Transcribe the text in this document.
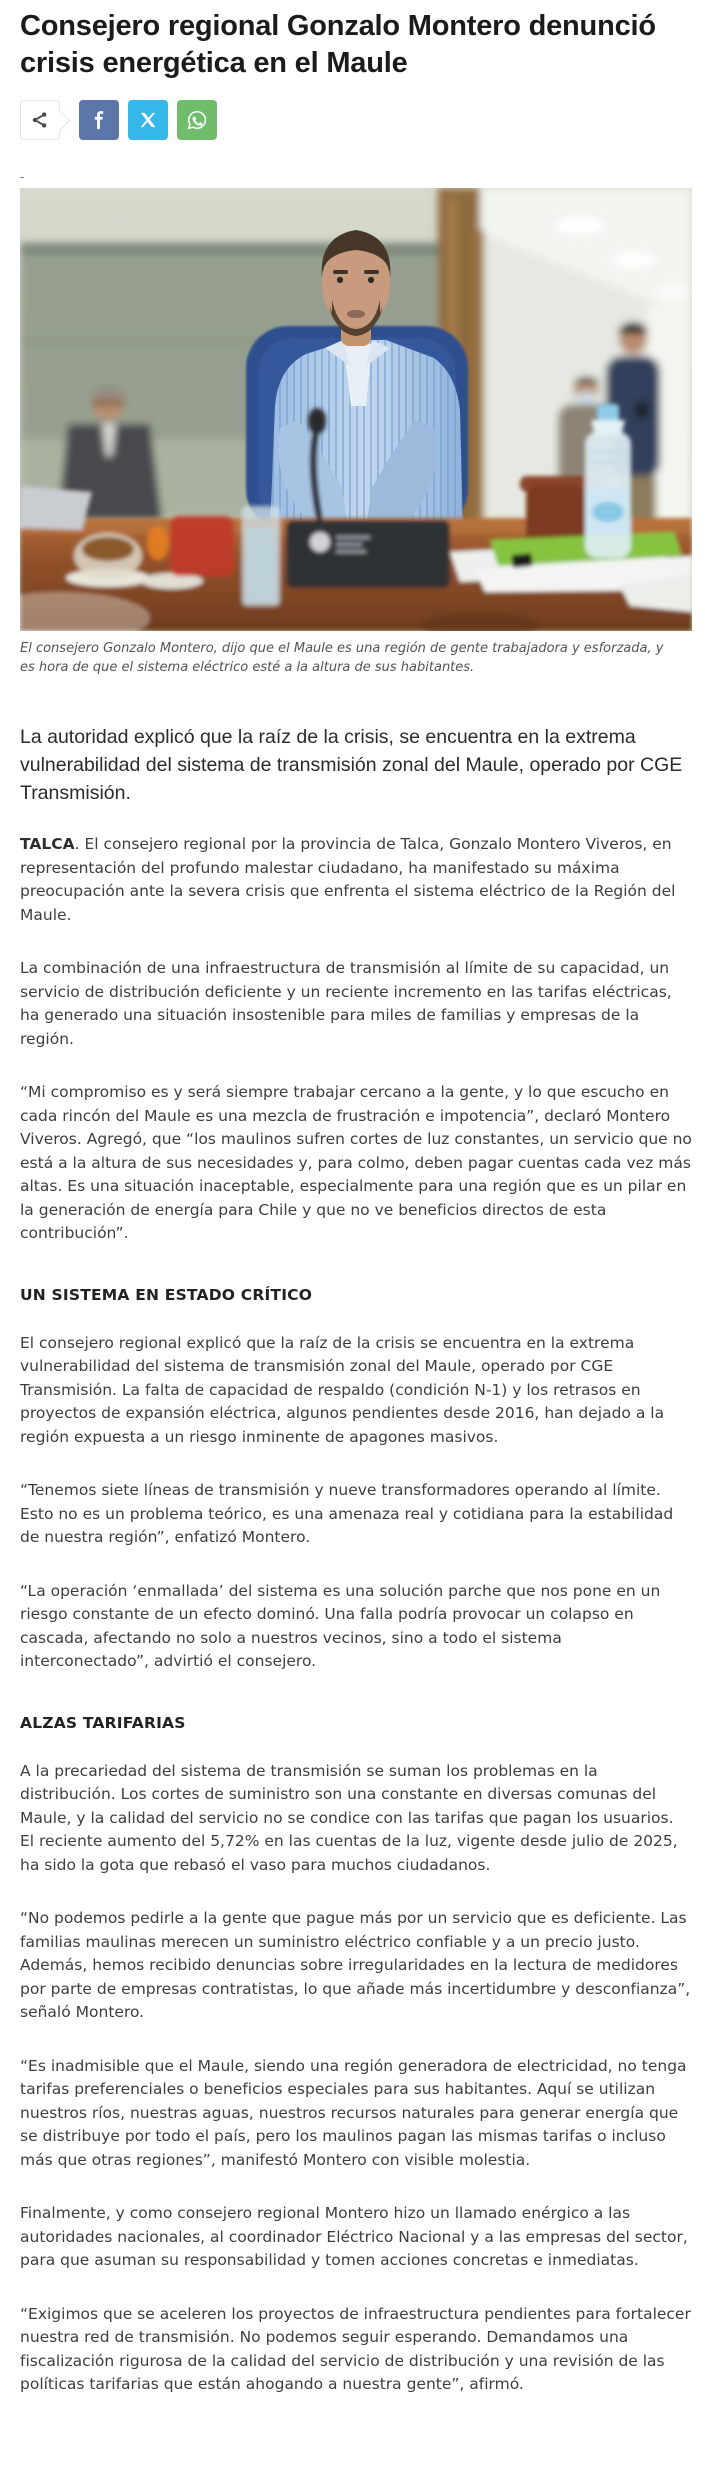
Consejero regional Gonzalo Montero denunció crisis energética en el Maule
-
El consejero Gonzalo Montero, dijo que el Maule es una región de gente trabajadora y esforzada, y es hora de que el sistema eléctrico esté a la altura de sus habitantes.

La autoridad explicó que la raíz de la crisis, se encuentra en la extrema vulnerabilidad del sistema de transmisión zonal del Maule, operado por CGE Transmisión.

TALCA. El consejero regional por la provincia de Talca, Gonzalo Montero Viveros, en representación del profundo malestar ciudadano, ha manifestado su máxima preocupación ante la severa crisis que enfrenta el sistema eléctrico de la Región del Maule.

La combinación de una infraestructura de transmisión al límite de su capacidad, un servicio de distribución deficiente y un reciente incremento en las tarifas eléctricas, ha generado una situación insostenible para miles de familias y empresas de la región.

“Mi compromiso es y será siempre trabajar cercano a la gente, y lo que escucho en cada rincón del Maule es una mezcla de frustración e impotencia”, declaró Montero Viveros. Agregó, que “los maulinos sufren cortes de luz constantes, un servicio que no está a la altura de sus necesidades y, para colmo, deben pagar cuentas cada vez más altas. Es una situación inaceptable, especialmente para una región que es un pilar en la generación de energía para Chile y que no ve beneficios directos de esta contribución”.

UN SISTEMA EN ESTADO CRÍTICO

El consejero regional explicó que la raíz de la crisis se encuentra en la extrema vulnerabilidad del sistema de transmisión zonal del Maule, operado por CGE Transmisión. La falta de capacidad de respaldo (condición N-1) y los retrasos en proyectos de expansión eléctrica, algunos pendientes desde 2016, han dejado a la región expuesta a un riesgo inminente de apagones masivos.

“Tenemos siete líneas de transmisión y nueve transformadores operando al límite. Esto no es un problema teórico, es una amenaza real y cotidiana para la estabilidad de nuestra región”, enfatizó Montero.

“La operación ‘enmallada’ del sistema es una solución parche que nos pone en un riesgo constante de un efecto dominó. Una falla podría provocar un colapso en cascada, afectando no solo a nuestros vecinos, sino a todo el sistema interconectado”, advirtió el consejero.

ALZAS TARIFARIAS

A la precariedad del sistema de transmisión se suman los problemas en la distribución. Los cortes de suministro son una constante en diversas comunas del Maule, y la calidad del servicio no se condice con las tarifas que pagan los usuarios. El reciente aumento del 5,72% en las cuentas de la luz, vigente desde julio de 2025, ha sido la gota que rebasó el vaso para muchos ciudadanos.

“No podemos pedirle a la gente que pague más por un servicio que es deficiente. Las familias maulinas merecen un suministro eléctrico confiable y a un precio justo. Además, hemos recibido denuncias sobre irregularidades en la lectura de medidores por parte de empresas contratistas, lo que añade más incertidumbre y desconfianza”, señaló Montero.

“Es inadmisible que el Maule, siendo una región generadora de electricidad, no tenga tarifas preferenciales o beneficios especiales para sus habitantes. Aquí se utilizan nuestros ríos, nuestras aguas, nuestros recursos naturales para generar energía que se distribuye por todo el país, pero los maulinos pagan las mismas tarifas o incluso más que otras regiones”, manifestó Montero con visible molestia.

Finalmente, y como consejero regional Montero hizo un llamado enérgico a las autoridades nacionales, al coordinador Eléctrico Nacional y a las empresas del sector, para que asuman su responsabilidad y tomen acciones concretas e inmediatas.

“Exigimos que se aceleren los proyectos de infraestructura pendientes para fortalecer nuestra red de transmisión. No podemos seguir esperando. Demandamos una fiscalización rigurosa de la calidad del servicio de distribución y una revisión de las políticas tarifarias que están ahogando a nuestra gente”, afirmó.
